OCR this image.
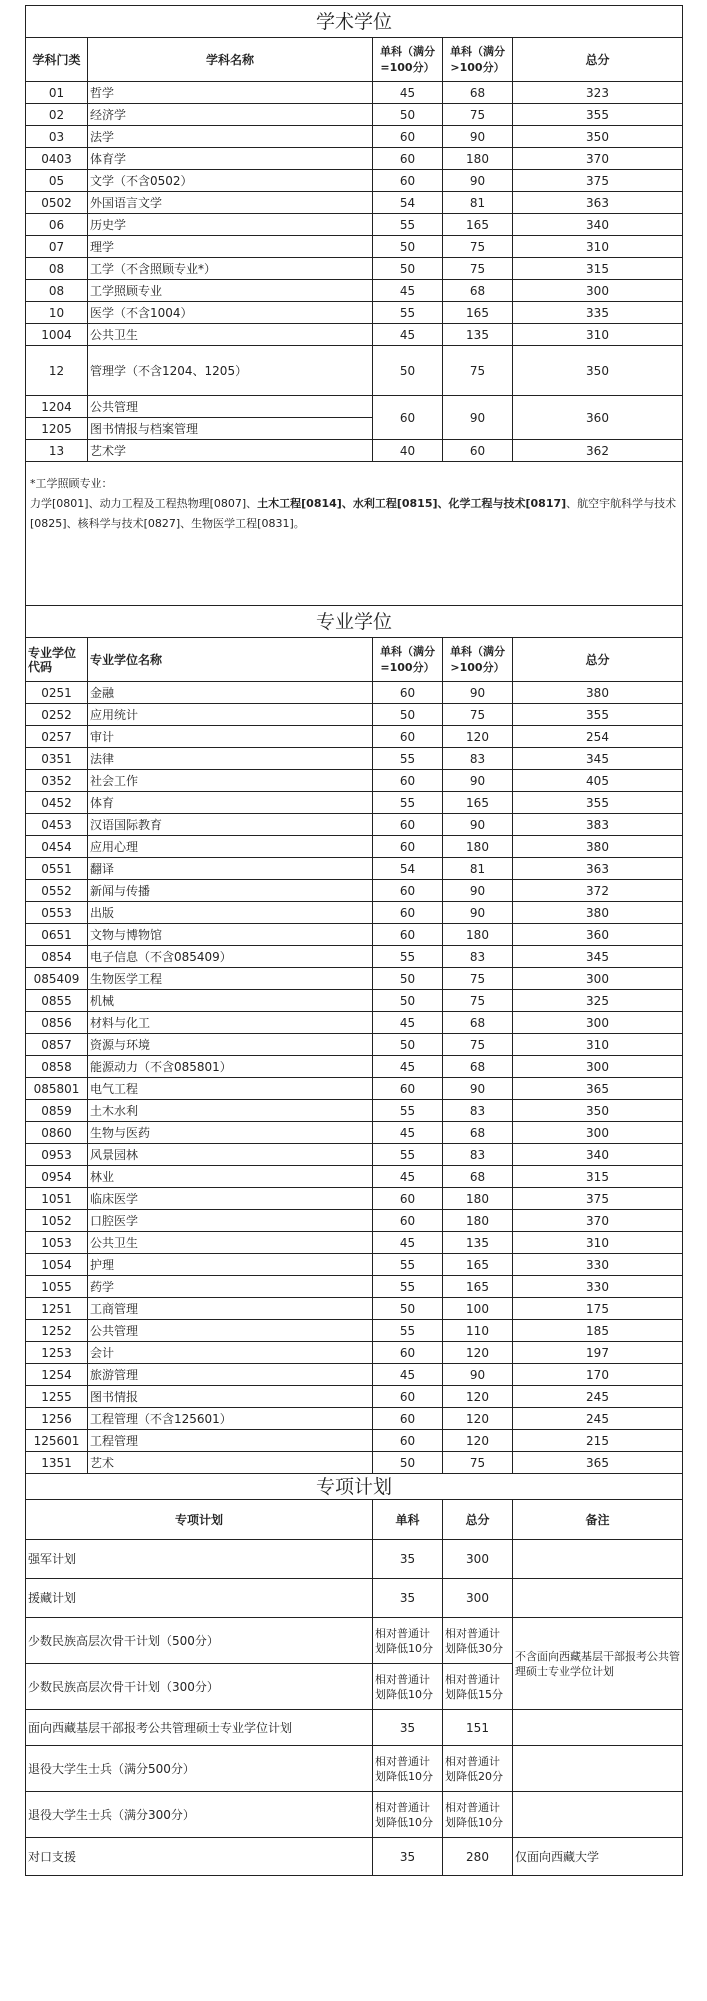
学术学位				
学科门类	学科名称	单科（满分
=100分）	单科（满分
>100分）	总分
01	哲学	45	68	323
02	经济学	50	75	355
03	法学	60	90	350
0403	体育学	60	180	370
05	文学（不含0502）	60	90	375
0502	外国语言文学	54	81	363
06	历史学	55	165	340
07	理学	50	75	310
08	工学（不含照顾专业*）	50	75	315
08	工学照顾专业	45	68	300
10	医学（不含1004）	55	165	335
1004	公共卫生	45	135	310
12	管理学（不含1204、1205）	50	75	350
1204	公共管理	60	90	360
1205	图书情报与档案管理			
13	艺术学	40	60	362

*工学照顾专业：
力学[0801]、动力工程及工程热物理[0807]、土木工程[0814]、水利工程[0815]、化学工程与技术[0817]、航空宇航科学与技术[0825]、核科学与技术[0827]、生物医学工程[0831]。				
专业学位				
专业学位
代码	专业学位名称	单科（满分
=100分）	单科（满分
>100分）	总分
0251	金融	60	90	380
0252	应用统计	50	75	355
0257	审计	60	120	254
0351	法律	55	83	345
0352	社会工作	60	90	405
0452	体育	55	165	355
0453	汉语国际教育	60	90	383
0454	应用心理	60	180	380
0551	翻译	54	81	363
0552	新闻与传播	60	90	372
0553	出版	60	90	380
0651	文物与博物馆	60	180	360
0854	电子信息（不含085409）	55	83	345
085409	生物医学工程	50	75	300
0855	机械	50	75	325
0856	材料与化工	45	68	300
0857	资源与环境	50	75	310
0858	能源动力（不含085801）	45	68	300
085801	电气工程	60	90	365
0859	土木水利	55	83	350
0860	生物与医药	45	68	300
0953	风景园林	55	83	340
0954	林业	45	68	315
1051	临床医学	60	180	375
1052	口腔医学	60	180	370
1053	公共卫生	45	135	310
1054	护理	55	165	330
1055	药学	55	165	330
1251	工商管理	50	100	175
1252	公共管理	55	110	185
1253	会计	60	120	197
1254	旅游管理	45	90	170
1255	图书情报	60	120	245
1256	工程管理（不含125601）	60	120	245
125601	工程管理	60	120	215
1351	艺术	50	75	365
专项计划			
专项计划	单科	总分	备注
强军计划	35	300	
援藏计划	35	300	
少数民族高层次骨干计划（500分）	相对普通计划降低10分	相对普通计划降低30分	不含面向西藏基层干部报考公共管理硕士专业学位计划
少数民族高层次骨干计划（300分）	相对普通计划降低10分	相对普通计划降低15分	
面向西藏基层干部报考公共管理硕士专业学位计划	35	151	
退役大学生士兵（满分500分）	相对普通计划降低10分	相对普通计划降低20分	
退役大学生士兵（满分300分）	相对普通计划降低10分	相对普通计划降低10分	
对口支援	35	280	仅面向西藏大学
